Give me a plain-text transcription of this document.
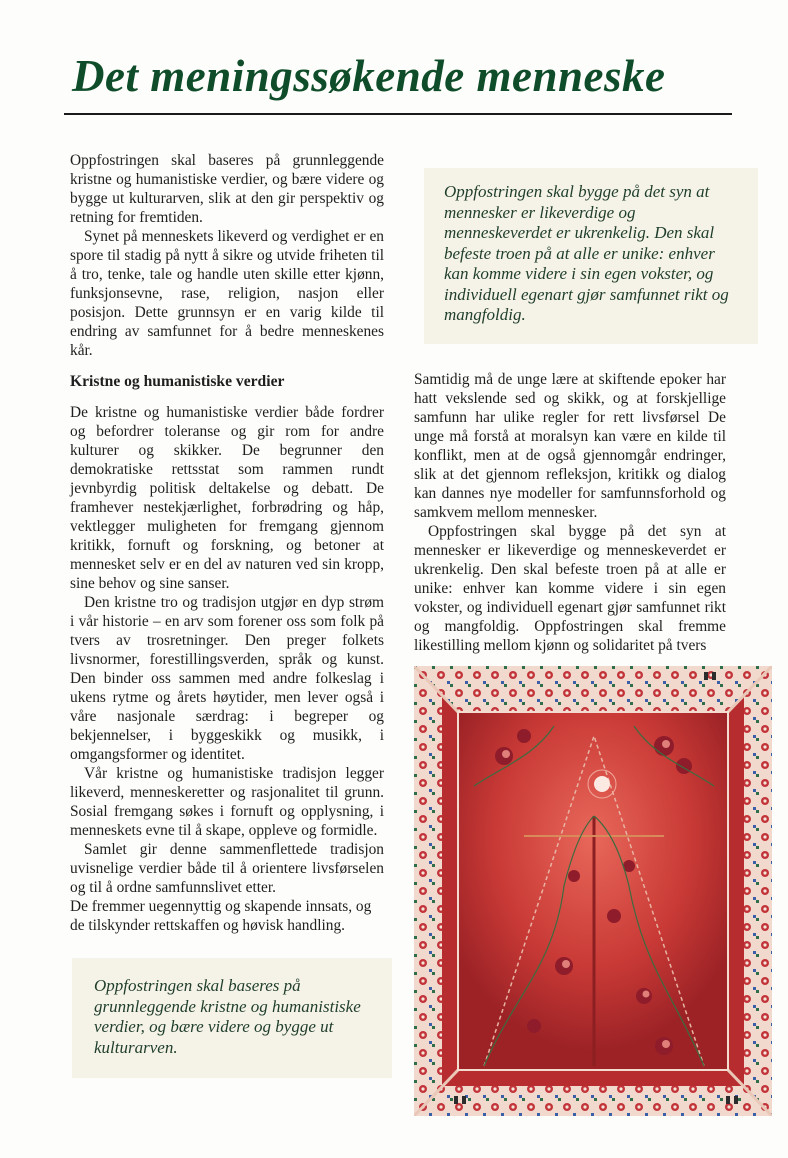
Det meningssøkende menneske

Oppfostringen skal baseres på grunnleggende kristne og humanistiske verdier, og bære videre og bygge ut kulturarven, slik at den gir perspektiv og retning for fremtiden.

Synet på menneskets likeverd og verdighet er en spore til stadig på nytt å sikre og utvide friheten til å tro, tenke, tale og handle uten skille etter kjønn, funksjonsevne, rase, religion, nasjon eller posisjon. Dette grunnsyn er en varig kilde til endring av samfunnet for å bedre menneskenes kår.

Oppfostringen skal bygge på det syn at mennesker er likeverdige og menneskeverdet er ukrenkelig. Den skal befeste troen på at alle er unike: enhver kan komme videre i sin egen vokster, og individuell egenart gjør samfunnet rikt og mangfoldig.

Kristne og humanistiske verdier

De kristne og humanistiske verdier både fordrer og befordrer toleranse og gir rom for andre kulturer og skikker. De begrunner den demokratiske rettsstat som rammen rundt jevnbyrdig politisk deltakelse og debatt. De framhever nestekjærlighet, forbrødring og håp, vektlegger muligheten for fremgang gjennom kritikk, fornuft og forskning, og betoner at mennesket selv er en del av naturen ved sin kropp, sine behov og sine sanser.

Den kristne tro og tradisjon utgjør en dyp strøm i vår historie – en arv som forener oss som folk på tvers av trosretninger. Den preger folkets livsnormer, forestillingsverden, språk og kunst. Den binder oss sammen med andre folkeslag i ukens rytme og årets høytider, men lever også i våre nasjonale særdrag: i begreper og bekjennelser, i byggeskikk og musikk, i omgangsformer og identitet.

Vår kristne og humanistiske tradisjon legger likeverd, menneskeretter og rasjonalitet til grunn. Sosial fremgang søkes i fornuft og opplysning, i menneskets evne til å skape, oppleve og formidle.

Samlet gir denne sammenflettede tradisjon uvisnelige verdier både til å orientere livsførselen og til å ordne samfunnslivet etter.

De fremmer uegennyttig og skapende innsats, og de tilskynder rettskaffen og høvisk handling.

Samtidig må de unge lære at skiftende epoker har hatt vekslende sed og skikk, og at forskjellige samfunn har ulike regler for rett livsførsel De unge må forstå at moralsyn kan være en kilde til konflikt, men at de også gjennomgår endringer, slik at det gjennom refleksjon, kritikk og dialog kan dannes nye modeller for samfunnsforhold og samkvem mellom mennesker.

Oppfostringen skal bygge på det syn at mennesker er likeverdige og menneskeverdet er ukrenkelig. Den skal befeste troen på at alle er unike: enhver kan komme videre i sin egen vokster, og individuell egenart gjør samfunnet rikt og mangfoldig. Oppfostringen skal fremme likestilling mellom kjønn og solidaritet på tvers

Oppfostringen skal baseres på grunnleggende kristne og humanistiske verdier, og bære videre og bygge ut kulturarven.
